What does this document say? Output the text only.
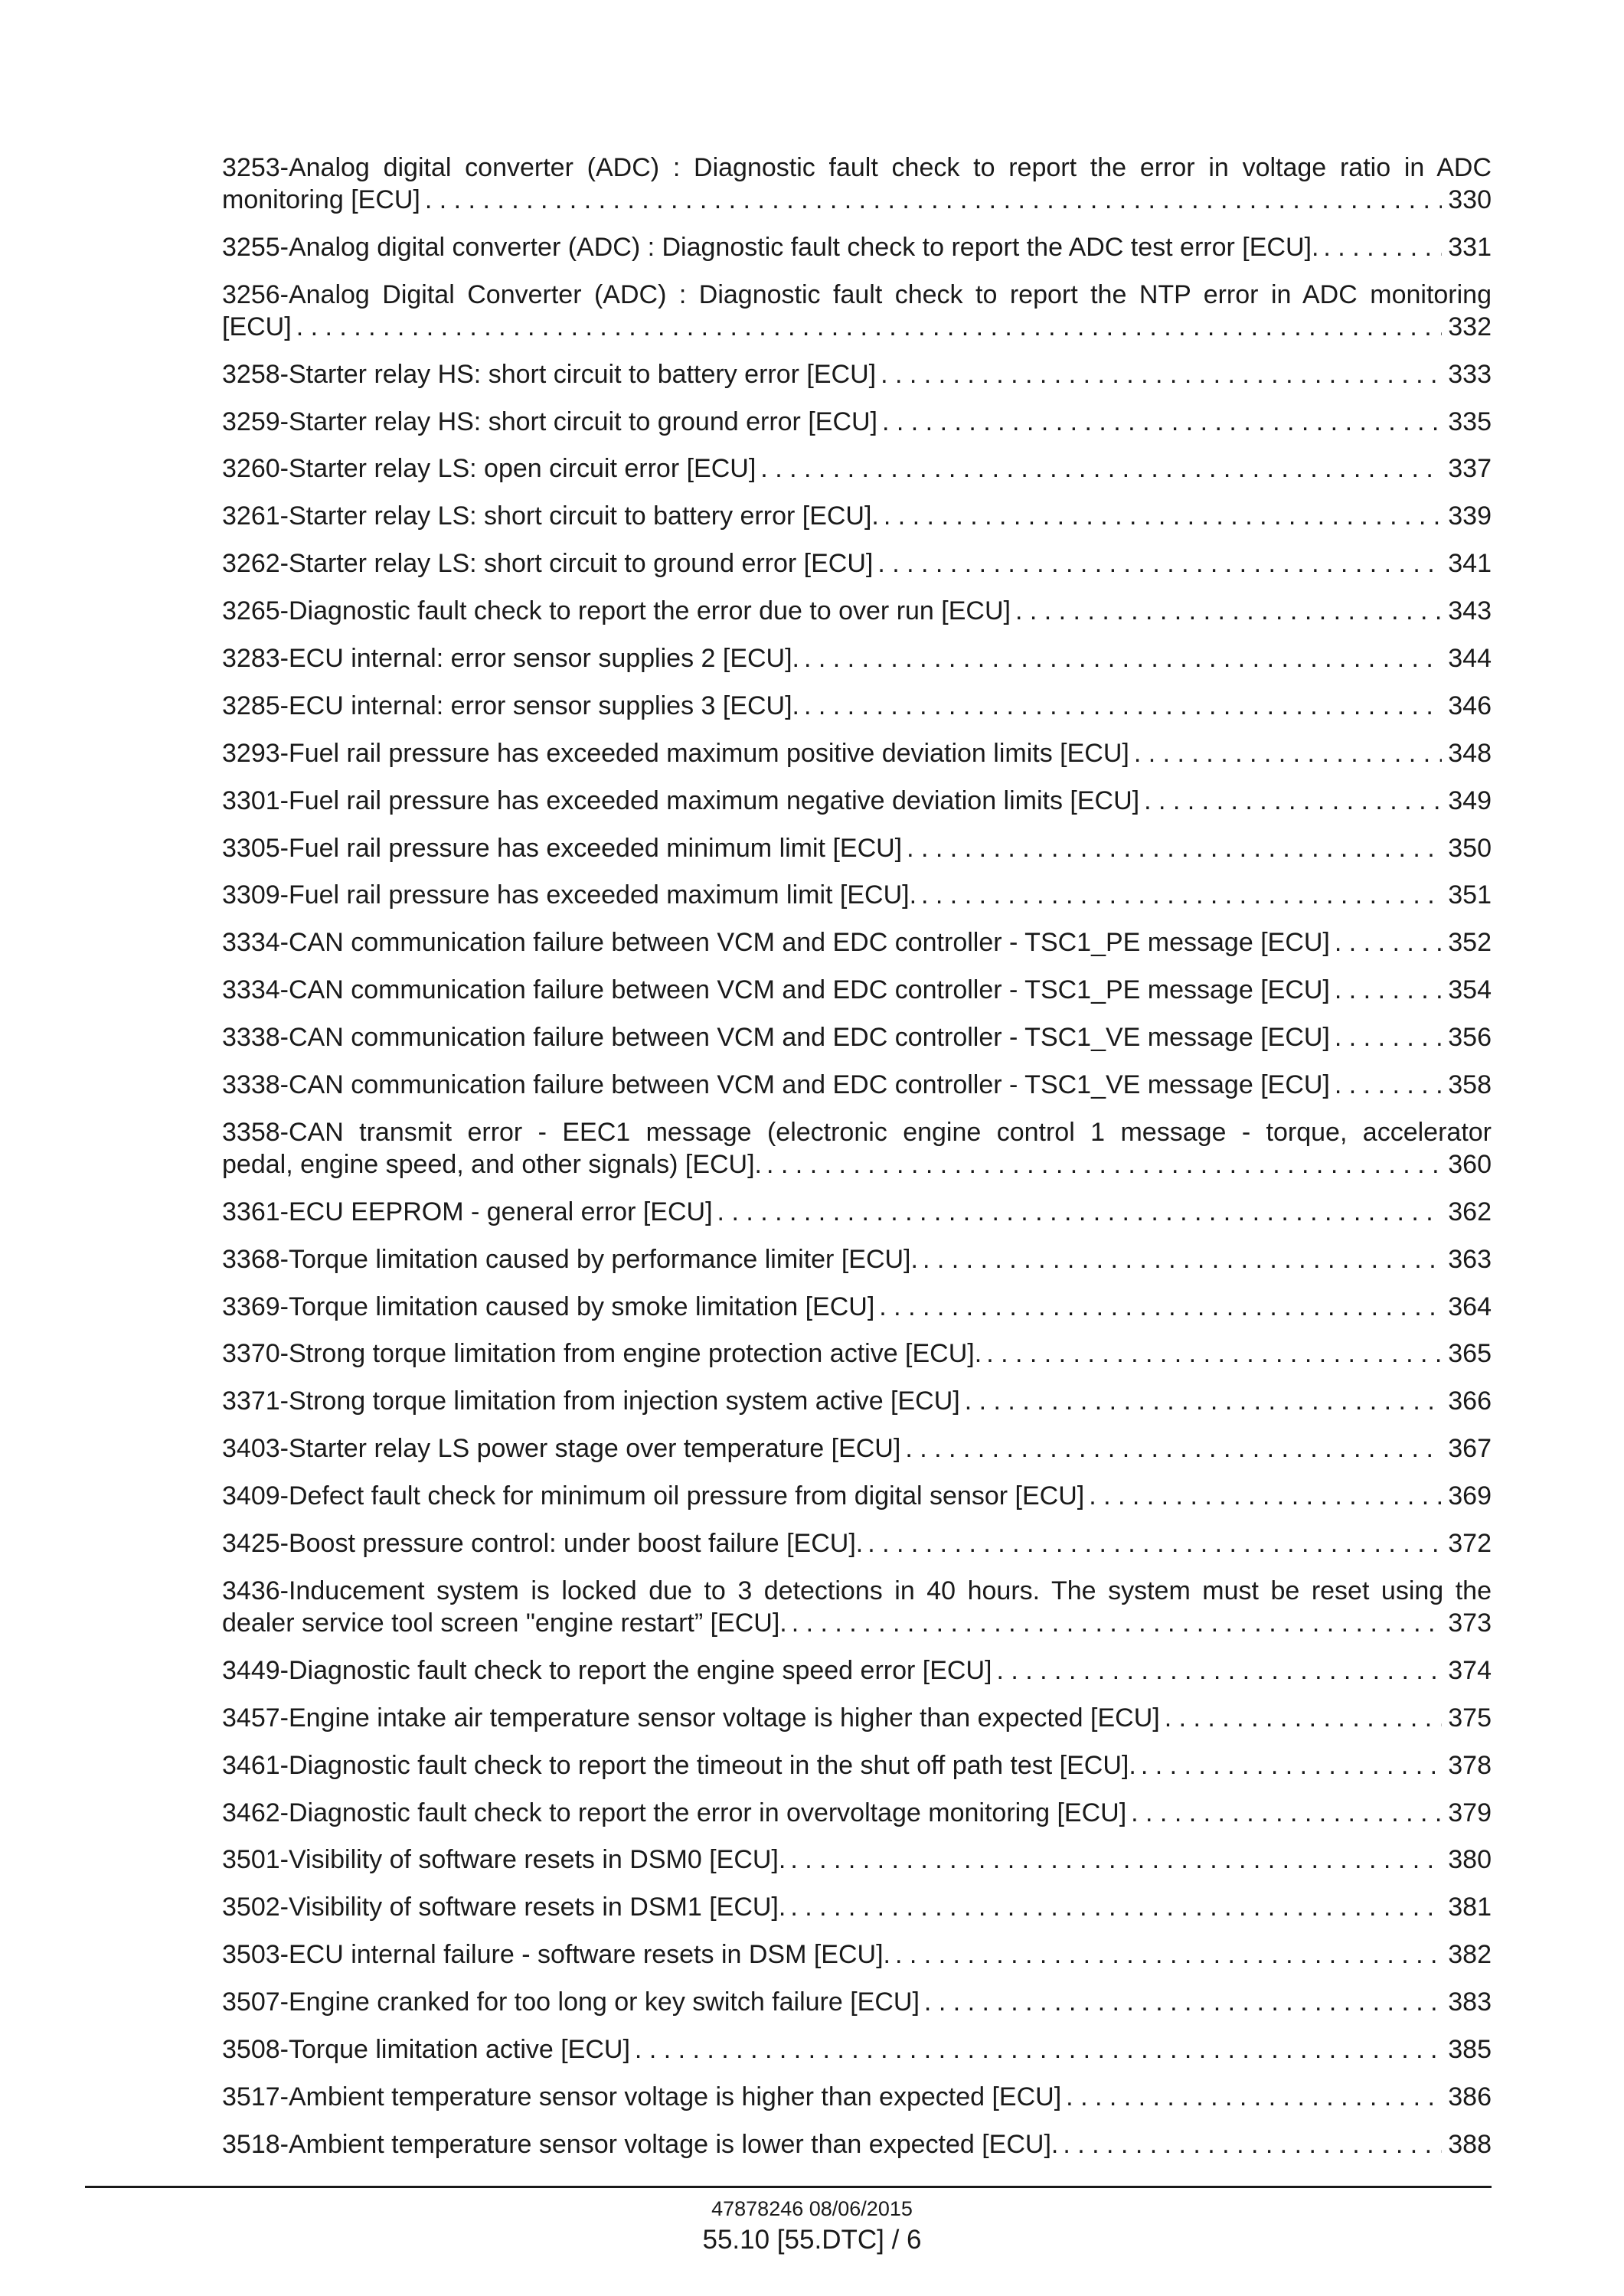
3253-Analog digital converter (ADC) : Diagnostic fault check to report the error in voltage ratio in ADC
monitoring [ECU] . . .	330
3255-Analog digital converter (ADC) : Diagnostic fault check to report the ADC test error [ECU]. . . .	331
3256-Analog Digital Converter (ADC) : Diagnostic fault check to report the NTP error in ADC monitoring
[ECU] . . .	332
3258-Starter relay HS: short circuit to battery error [ECU] . . .	333
3259-Starter relay HS: short circuit to ground error [ECU] . . .	335
3260-Starter relay LS: open circuit error [ECU] . . .	337
3261-Starter relay LS: short circuit to battery error [ECU]. . . .	339
3262-Starter relay LS: short circuit to ground error [ECU] . . .	341
3265-Diagnostic fault check to report the error due to over run [ECU] . . .	343
3283-ECU internal: error sensor supplies 2 [ECU]. . . .	344
3285-ECU internal: error sensor supplies 3 [ECU]. . . .	346
3293-Fuel rail pressure has exceeded maximum positive deviation limits [ECU] . . .	348
3301-Fuel rail pressure has exceeded maximum negative deviation limits [ECU] . . .	349
3305-Fuel rail pressure has exceeded minimum limit [ECU] . . .	350
3309-Fuel rail pressure has exceeded maximum limit [ECU]. . . .	351
3334-CAN communication failure between VCM and EDC controller - TSC1_PE message [ECU] . . .	352
3334-CAN communication failure between VCM and EDC controller - TSC1_PE message [ECU] . . .	354
3338-CAN communication failure between VCM and EDC controller - TSC1_VE message [ECU] . . .	356
3338-CAN communication failure between VCM and EDC controller - TSC1_VE message [ECU] . . .	358
3358-CAN transmit error - EEC1 message (electronic engine control 1 message - torque, accelerator
pedal, engine speed, and other signals) [ECU]. . . .	360
3361-ECU EEPROM - general error [ECU] . . .	362
3368-Torque limitation caused by performance limiter [ECU]. . . .	363
3369-Torque limitation caused by smoke limitation [ECU] . . .	364
3370-Strong torque limitation from engine protection active [ECU]. . . .	365
3371-Strong torque limitation from injection system active [ECU] . . .	366
3403-Starter relay LS power stage over temperature [ECU] . . .	367
3409-Defect fault check for minimum oil pressure from digital sensor [ECU] . . .	369
3425-Boost pressure control: under boost failure [ECU]. . . .	372
3436-Inducement system is locked due to 3 detections in 40 hours. The system must be reset using the
dealer service tool screen "engine restart” [ECU]. . . .	373
3449-Diagnostic fault check to report the engine speed error [ECU] . . .	374
3457-Engine intake air temperature sensor voltage is higher than expected [ECU] . . .	375
3461-Diagnostic fault check to report the timeout in the shut off path test [ECU]. . . .	378
3462-Diagnostic fault check to report the error in overvoltage monitoring [ECU] . . .	379
3501-Visibility of software resets in DSM0 [ECU]. . . .	380
3502-Visibility of software resets in DSM1 [ECU]. . . .	381
3503-ECU internal failure - software resets in DSM [ECU]. . . .	382
3507-Engine cranked for too long or key switch failure [ECU] . . .	383
3508-Torque limitation active [ECU] . . .	385
3517-Ambient temperature sensor voltage is higher than expected [ECU] . . .	386
3518-Ambient temperature sensor voltage is lower than expected [ECU]. . . .	388
47878246 08/06/2015
55.10 [55.DTC] / 6
